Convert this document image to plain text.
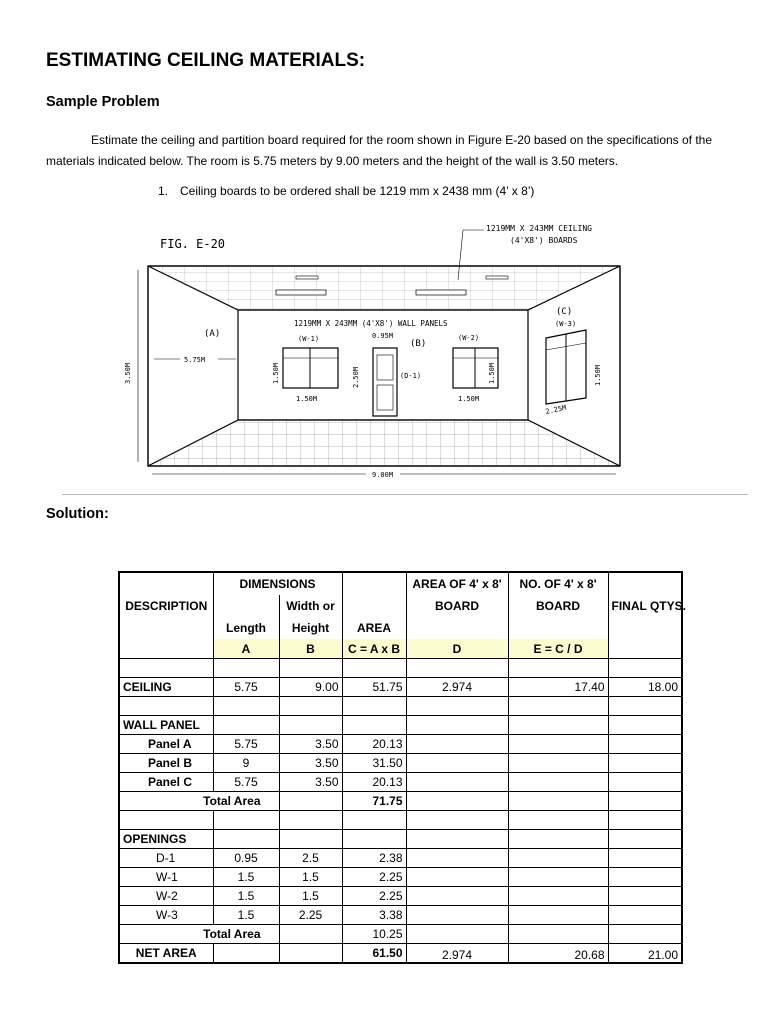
ESTIMATING CEILING MATERIALS:
Sample Problem
Estimate the ceiling and partition board required for the room shown in Figure E-20 based on the specifications of the materials indicated below. The room is 5.75 meters by 9.00 meters and the height of the wall is 3.50 meters.
1. Ceiling boards to be ordered shall be 1219 mm x 2438 mm (4’ x 8’)
FIG. E-20
1219MM X 243MM CEILING
(4'X8') BOARDS
1219MM X 243MM (4'X8') WALL PANELS
(A)
(B)
(C)
(W-1)	(W-2)
(W-3)
(D-1)
0.95M
1.50M	1.50M
2.25M
1.50M	2.50M	1.50M	1.50M
3.50M
5.75M
9.00M
Solution:
	DIMENSIONS			AREA OF 4' x 8'	NO. OF 4' x 8'	
DESCRIPTION		Width or		BOARD	BOARD	FINAL QTYS.
	Length	Height	AREA			
	A	B	C = A x B	D	E = C / D	

CEILING	5.75	9.00	51.75	2.974	17.40	18.00

WALL PANEL						
Panel A	5.75	3.50	20.13			
Panel B	9	3.50	31.50			
Panel C	5.75	3.50	20.13			
Total Area			71.75			

OPENINGS						
D-1	0.95	2.5	2.38			
W-1	1.5	1.5	2.25			
W-2	1.5	1.5	2.25			
W-3	1.5	2.25	3.38			
Total Area			10.25			
NET AREA			61.50	2.974	20.68	21.00
